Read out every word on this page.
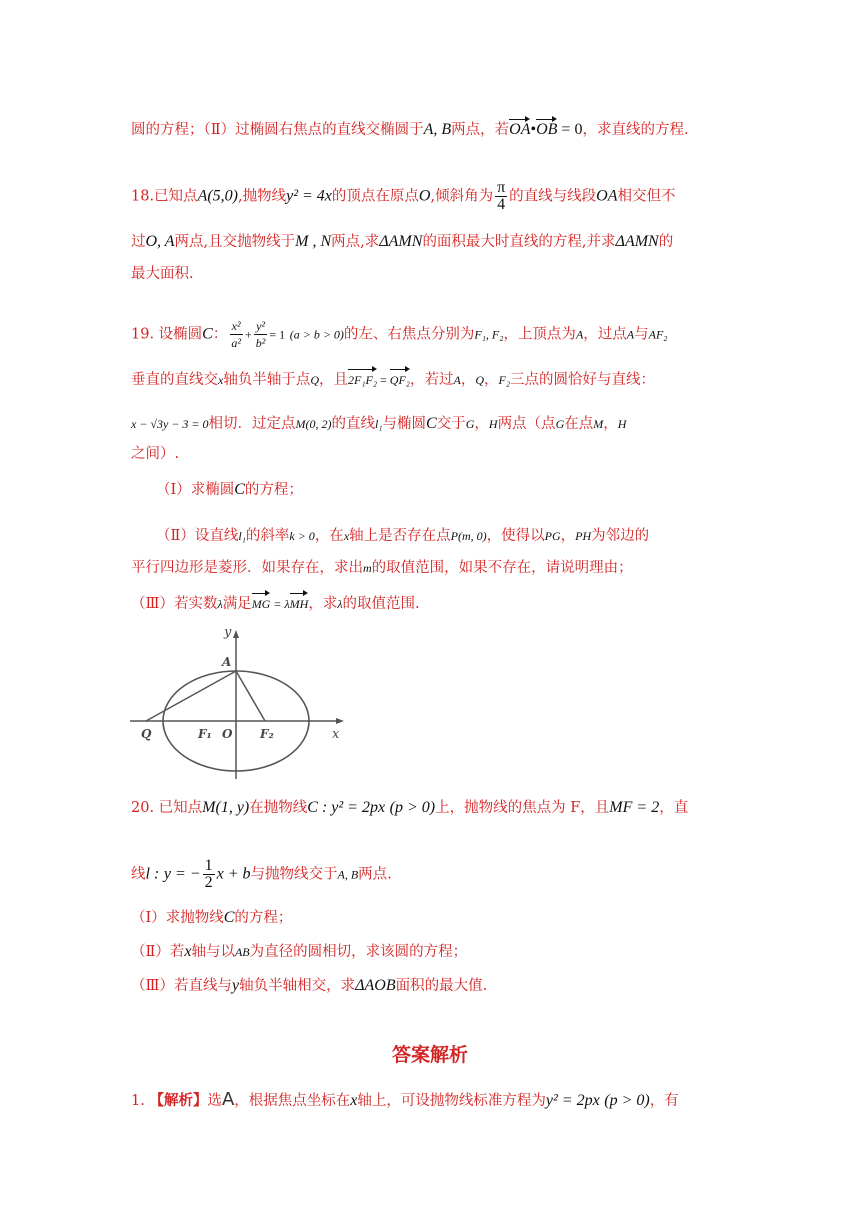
圆的方程；（Ⅱ）过椭圆右焦点的直线交椭圆于A, B两点，若OA•OB = 0，求直线的方程.
18.已知点A(5,0),抛物线y² = 4x的顶点在原点O,倾斜角为 $\frac{\pi}{4}$ 的直线与线段OA相交但不
过O, A两点,且交抛物线于M , N两点,求ΔAMN的面积最大时直线的方程,并求ΔAMN的
最大面积.
19. 设椭圆C： $\frac{\text{x²}}{\text{a²}} + \frac{\text{y²}}{\text{b²}} = 1$ (a > b > 0)的左、右焦点分别为F₁, F₂，上顶点为A，过点A与AF₂
垂直的直线交x轴负半轴于点Q，且2F₁F₂ = QF₂，若过A，Q，F₂三点的圆恰好与直线：
x − √3y − 3 = 0相切．过定点M(0, 2)的直线l₁与椭圆C交于G，H两点（点G在点M，H
之间）.
（Ⅰ）求椭圆C的方程；
（Ⅱ）设直线l₁的斜率k > 0，在x轴上是否存在点P(m, 0)，使得以PG，PH为邻边的
平行四边形是菱形．如果存在，求出m的取值范围，如果不存在，请说明理由；
（Ⅲ）若实数λ满足MG = λMH，求λ的取值范围.
y
A
Q	F₁ O F₂	x
20. 已知点M(1, y)在抛物线C : y² = 2px (p > 0)上，抛物线的焦点为 F，且MF = 2，直
线l : y = − $\frac{1}{2}$ x + b与抛物线交于A, B两点.
（Ⅰ）求抛物线C的方程；
（Ⅱ）若x轴与以AB为直径的圆相切，求该圆的方程；
（Ⅲ）若直线与y轴负半轴相交，求ΔAOB面积的最大值.
答案解析
1. 【解析】选A，根据焦点坐标在x轴上，可设抛物线标准方程为y² = 2px (p > 0)，有
